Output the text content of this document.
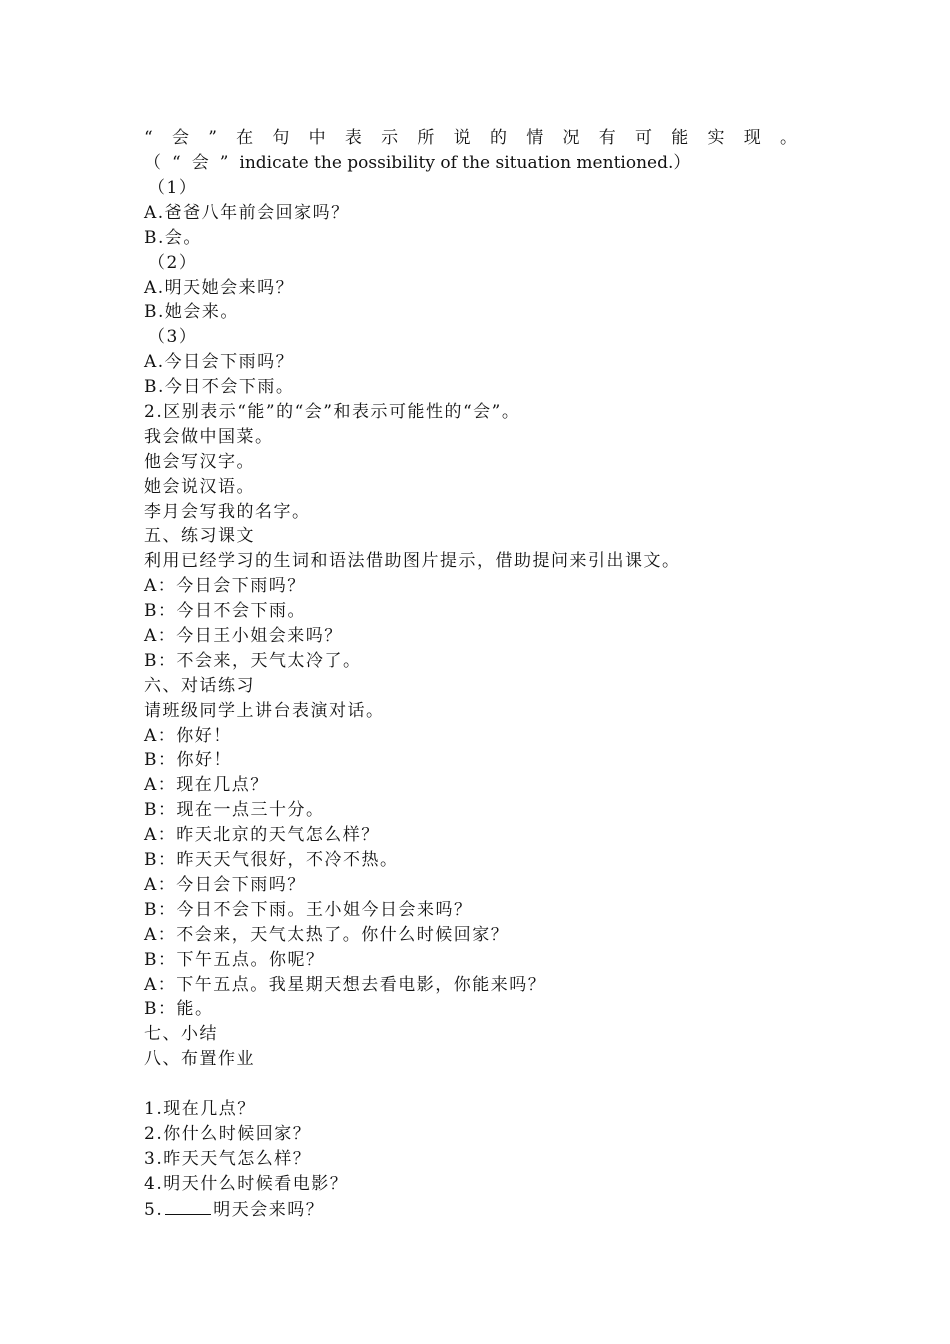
“会”在句中表示所说的情况有可能实现。（“会”indicate the possibility of the situation mentioned.）

（1）
A.爸爸八年前会回家吗？
B.会。
（2）
A.明天她会来吗？
B.她会来。
（3）
A.今日会下雨吗？
B.今日不会下雨。
2.区别表示“能”的“会”和表示可能性的“会”。
我会做中国菜。
他会写汉字。
她会说汉语。
李月会写我的名字。
五、练习课文
利用已经学习的生词和语法借助图片提示，借助提问来引出课文。
A：今日会下雨吗？
B：今日不会下雨。
A：今日王小姐会来吗？
B：不会来，天气太冷了。
六、对话练习
请班级同学上讲台表演对话。
A：你好！
B：你好！
A：现在几点？
B：现在一点三十分。
A：昨天北京的天气怎么样？
B：昨天天气很好，不冷不热。
A：今日会下雨吗？
B：今日不会下雨。王小姐今日会来吗？
A：不会来，天气太热了。你什么时候回家？
B：下午五点。你呢？
A：下午五点。我星期天想去看电影，你能来吗？
B：能。
七、小结
八、布置作业
1.现在几点？
2.你什么时候回家？
3.昨天天气怎么样？
4.明天什么时候看电影？
5.	明天会来吗？
